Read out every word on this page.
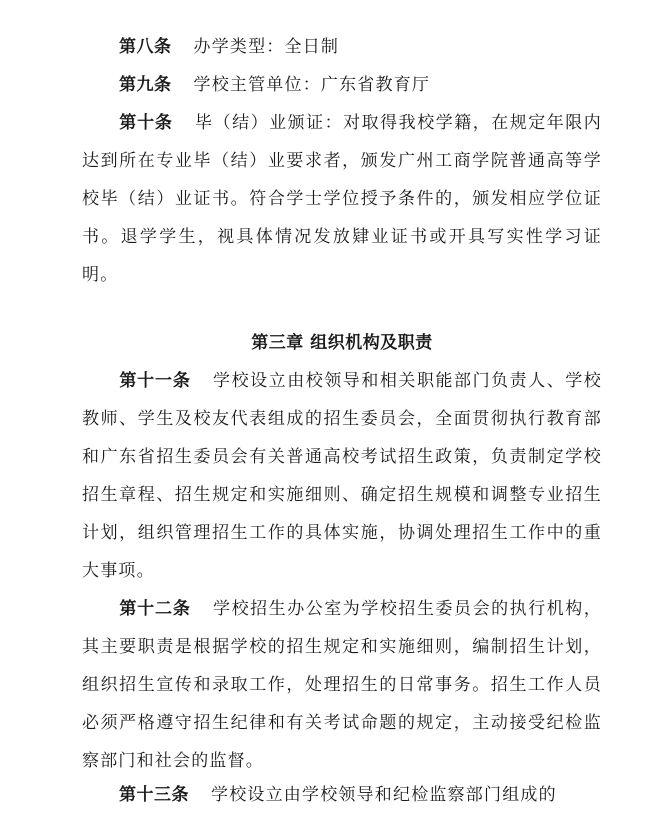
第八条 办学类型：全日制

第九条 学校主管单位：广东省教育厅

第十条 毕（结）业颁证：对取得我校学籍，在规定年限内达到所在专业毕（结）业要求者，颁发广州工商学院普通高等学校毕（结）业证书。符合学士学位授予条件的，颁发相应学位证书。退学学生，视具体情况发放肄业证书或开具写实性学习证明。

第三章 组织机构及职责

第十一条 学校设立由校领导和相关职能部门负责人、学校教师、学生及校友代表组成的招生委员会，全面贯彻执行教育部和广东省招生委员会有关普通高校考试招生政策，负责制定学校招生章程、招生规定和实施细则、确定招生规模和调整专业招生计划，组织管理招生工作的具体实施，协调处理招生工作中的重大事项。

第十二条 学校招生办公室为学校招生委员会的执行机构，其主要职责是根据学校的招生规定和实施细则，编制招生计划，组织招生宣传和录取工作，处理招生的日常事务。招生工作人员必须严格遵守招生纪律和有关考试命题的规定，主动接受纪检监察部门和社会的监督。

第十三条 学校设立由学校领导和纪检监察部门组成的
